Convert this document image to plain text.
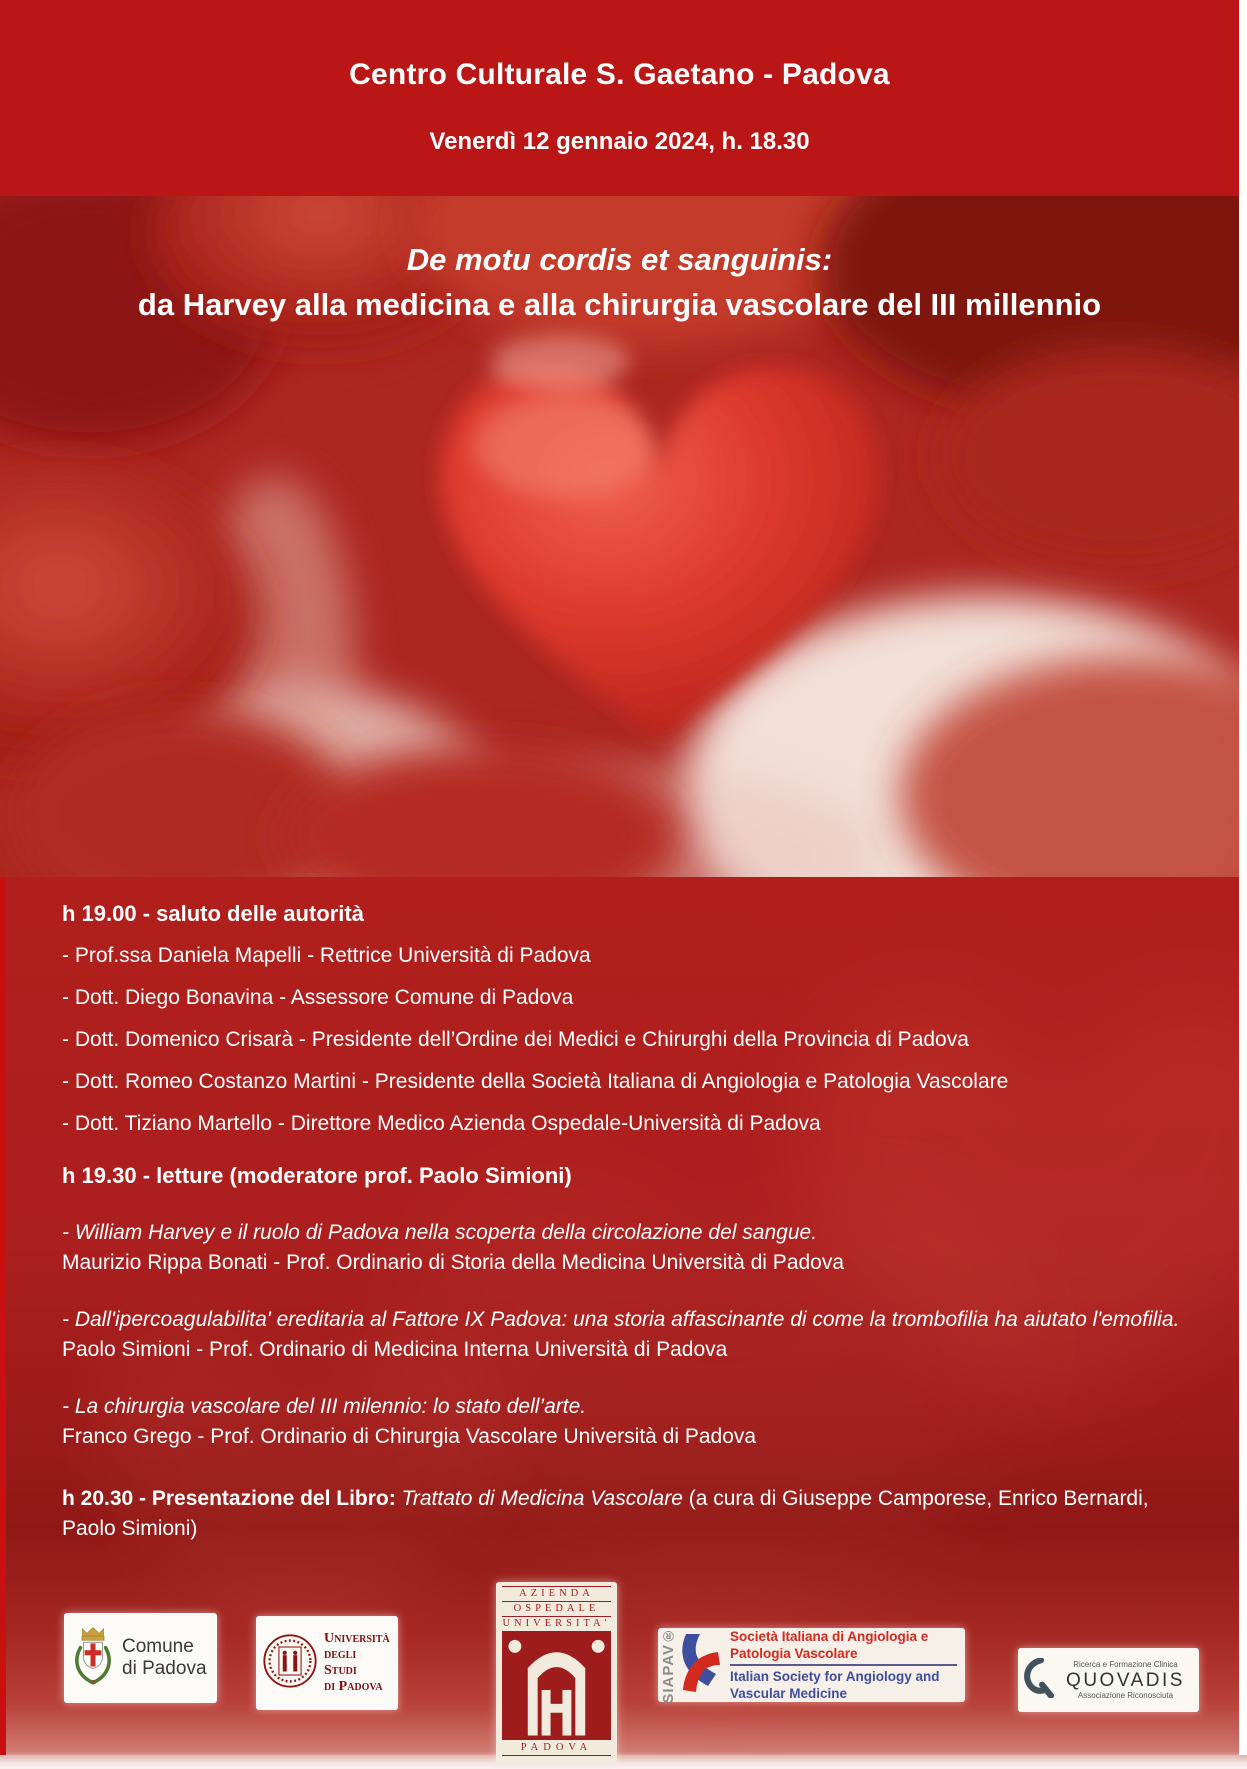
Centro Culturale S. Gaetano - Padova

Venerdì 12 gennaio 2024, h. 18.30

De motu cordis et sanguinis:

da Harvey alla medicina e alla chirurgia vascolare del III millennio

h 19.00 - saluto delle autorità

- Prof.ssa Daniela Mapelli - Rettrice Università di Padova

- Dott. Diego Bonavina - Assessore Comune di Padova

- Dott. Domenico Crisarà - Presidente dell’Ordine dei Medici e Chirurghi della Provincia di Padova

- Dott. Romeo Costanzo Martini - Presidente della Società Italiana di Angiologia e Patologia Vascolare

- Dott. Tiziano Martello - Direttore Medico Azienda Ospedale-Università di Padova

h 19.30 - letture (moderatore prof. Paolo Simioni)

- William Harvey e il ruolo di Padova nella scoperta della circolazione del sangue.

Maurizio Rippa Bonati - Prof. Ordinario di Storia della Medicina Università di Padova

- Dall'ipercoagulabilita' ereditaria al Fattore IX Padova: una storia affascinante di come la trombofilia ha aiutato l'emofilia.

Paolo Simioni - Prof. Ordinario di Medicina Interna Università di Padova

- La chirurgia vascolare del III milennio: lo stato dell’arte.

Franco Grego - Prof. Ordinario di Chirurgia Vascolare Università di Padova

h 20.30 - Presentazione del Libro: Trattato di Medicina Vascolare (a cura di Giuseppe Camporese, Enrico Bernardi, Paolo Simioni)

Comune
di Padova
Università
degli Studi
di Padova
AZIENDA
OSPEDALE
UNIVERSITA'
PADOVA
SIAPAV®	Società Italiana di Angiologia e Patologia Vascolare
Italian Society for Angiology and Vascular Medicine
Ricerca e Formazione Clinica
QUOVADIS
Associazione Riconosciuta
